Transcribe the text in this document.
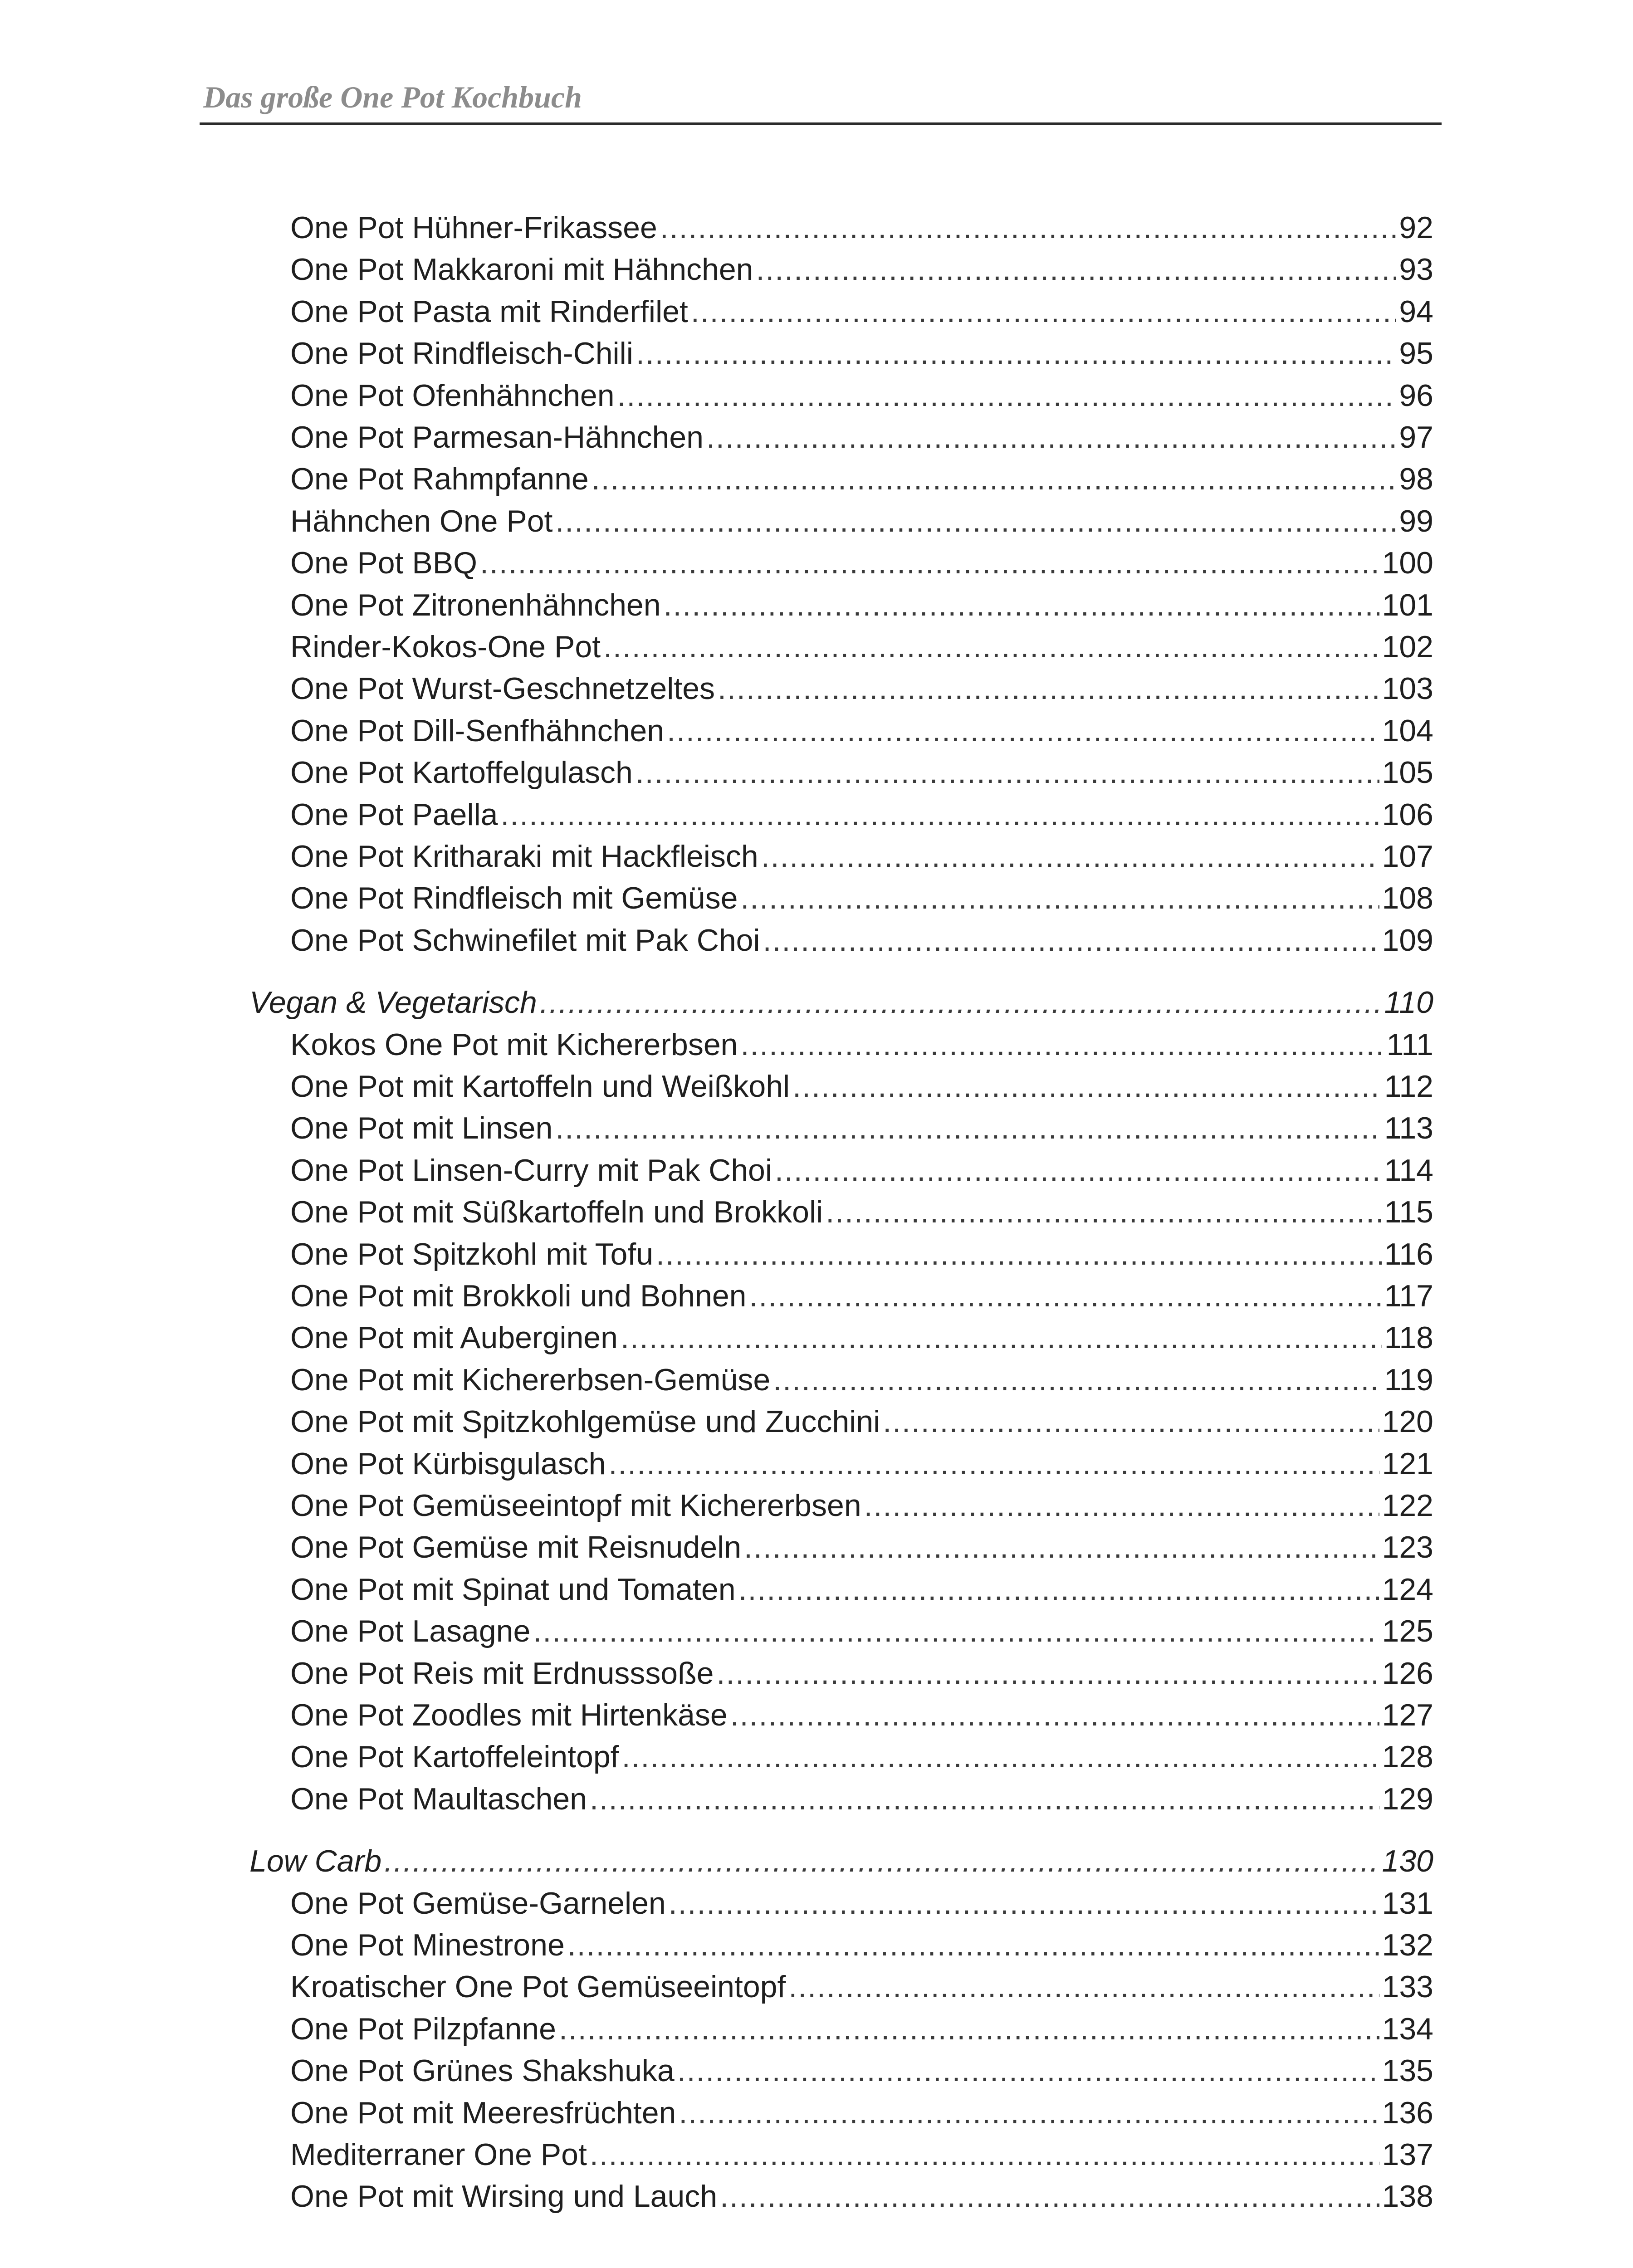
Das große One Pot Kochbuch
One Pot Hühner-Frikassee .....	92
One Pot Makkaroni mit Hähnchen .....	93
One Pot Pasta mit Rinderfilet .....	94
One Pot Rindfleisch-Chili .....	95
One Pot Ofenhähnchen .....	96
One Pot Parmesan-Hähnchen .....	97
One Pot Rahmpfanne .....	98
Hähnchen One Pot .....	99
One Pot BBQ .....	100
One Pot Zitronenhähnchen .....	101
Rinder-Kokos-One Pot .....	102
One Pot Wurst-Geschnetzeltes .....	103
One Pot Dill-Senfhähnchen .....	104
One Pot Kartoffelgulasch .....	105
One Pot Paella .....	106
One Pot Kritharaki mit Hackfleisch .....	107
One Pot Rindfleisch mit Gemüse .....	108
One Pot Schwinefilet mit Pak Choi .....	109
Vegan & Vegetarisch .....	110
Kokos One Pot mit Kichererbsen .....	111
One Pot mit Kartoffeln und Weißkohl .....	112
One Pot mit Linsen .....	113
One Pot Linsen-Curry mit Pak Choi .....	114
One Pot mit Süßkartoffeln und Brokkoli .....	115
One Pot Spitzkohl mit Tofu .....	116
One Pot mit Brokkoli und Bohnen .....	117
One Pot mit Auberginen .....	118
One Pot mit Kichererbsen-Gemüse .....	119
One Pot mit Spitzkohlgemüse und Zucchini .....	120
One Pot Kürbisgulasch .....	121
One Pot Gemüseeintopf mit Kichererbsen .....	122
One Pot Gemüse mit Reisnudeln .....	123
One Pot mit Spinat und Tomaten .....	124
One Pot Lasagne .....	125
One Pot Reis mit Erdnusssoße .....	126
One Pot Zoodles mit Hirtenkäse .....	127
One Pot Kartoffeleintopf .....	128
One Pot Maultaschen .....	129
Low Carb .....	130
One Pot Gemüse-Garnelen .....	131
One Pot Minestrone .....	132
Kroatischer One Pot Gemüseeintopf .....	133
One Pot Pilzpfanne .....	134
One Pot Grünes Shakshuka .....	135
One Pot mit Meeresfrüchten .....	136
Mediterraner One Pot .....	137
One Pot mit Wirsing und Lauch .....	138
